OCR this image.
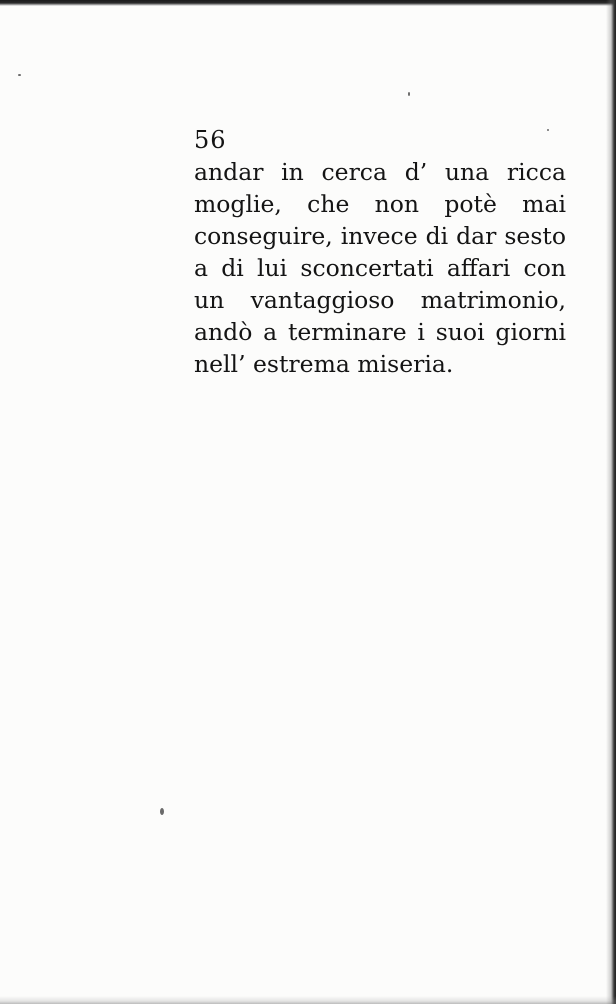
56

andar in cerca d’ una ricca

moglie, che non potè mai

conseguire, invece di dar sesto

a di lui sconcertati affari con

un vantaggioso matrimonio,

andò a terminare i suoi giorni

nell’ estrema miseria.
